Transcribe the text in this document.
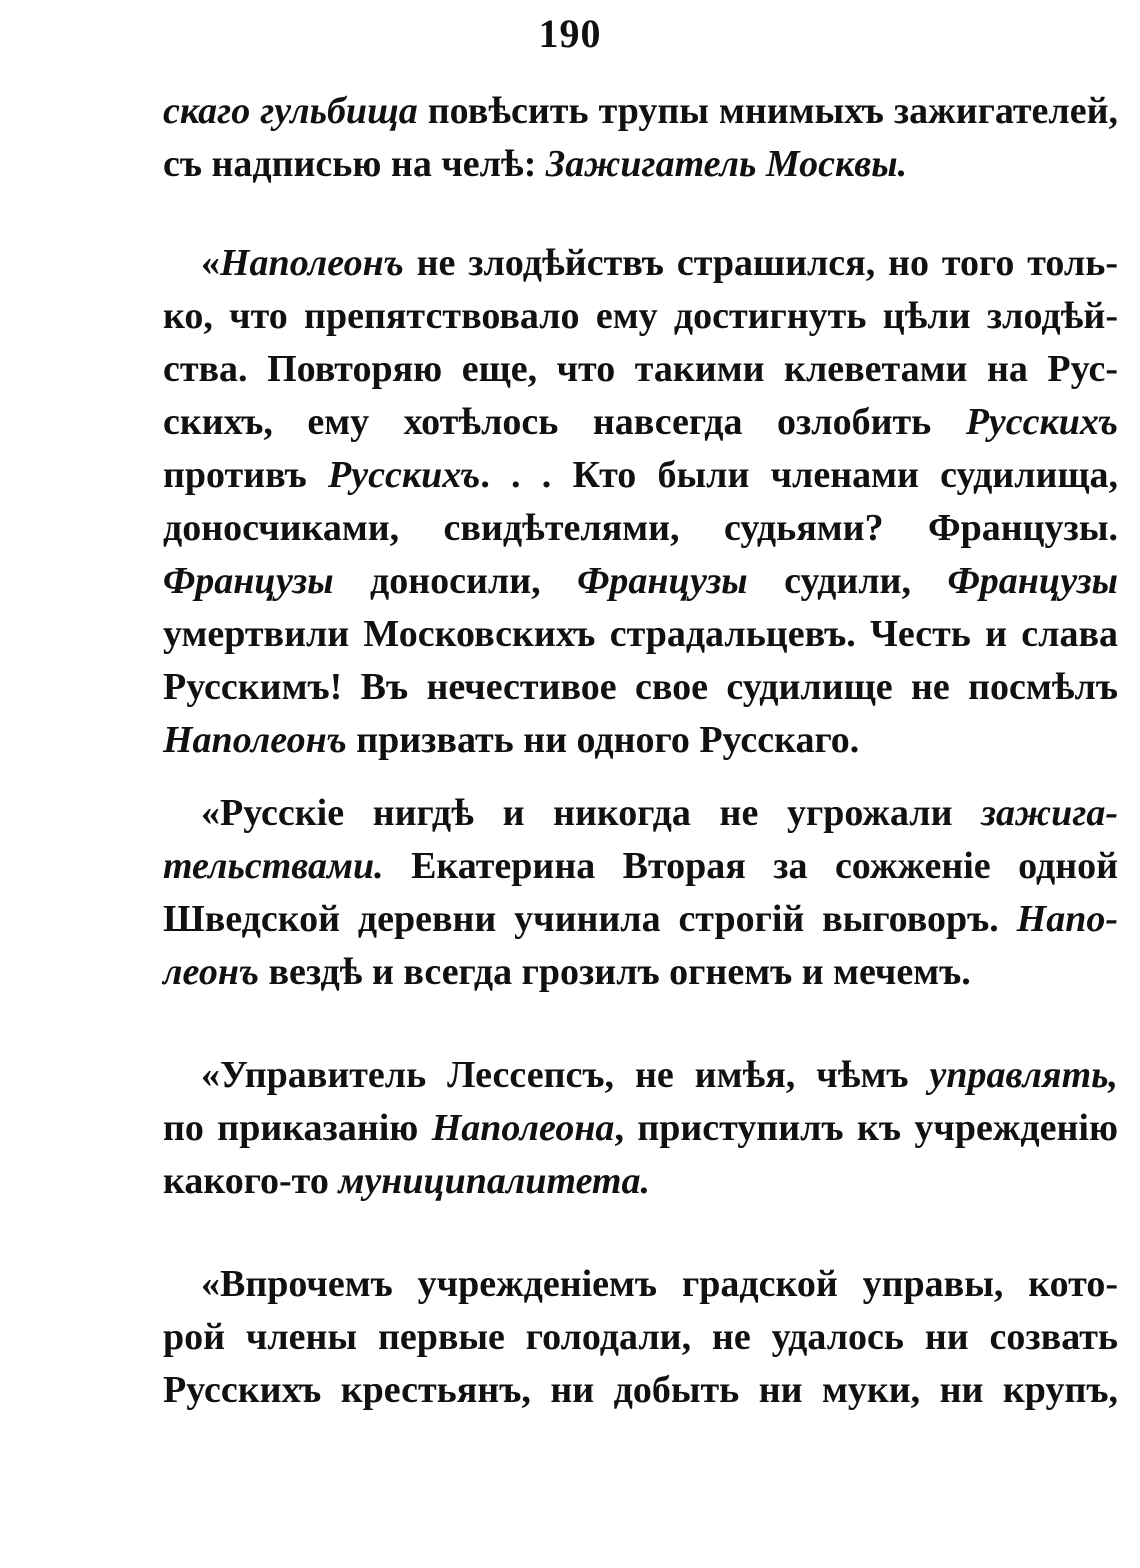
190
скаго гульбища повѣсить трупы мнимыхъ зажигателей,
съ надписью на челѣ: Зажигатель Москвы.
«Наполеонъ не злодѣйствъ страшился, но того толь-
ко, что препятствовало ему достигнуть цѣли злодѣй-
ства. Повторяю еще, что такими клеветами на Рус-
скихъ, ему хотѣлось навсегда озлобить Русскихъ
противъ Русскихъ. . . Кто были членами судилища,
доносчиками, свидѣтелями, судьями? Французы.
Французы доносили, Французы судили, Французы
умертвили Московскихъ страдальцевъ. Честь и слава
Русскимъ! Въ нечестивое свое судилище не посмѣлъ
Наполеонъ призвать ни одного Русскаго.
«Русскіе нигдѣ и никогда не угрожали зажига-
тельствами. Екатерина Вторая за сожженіе одной
Шведской деревни учинила строгій выговоръ. Напо-
леонъ вездѣ и всегда грозилъ огнемъ и мечемъ.
«Управитель Лессепсъ, не имѣя, чѣмъ управлять,
по приказанію Наполеона, приступилъ къ учрежденію
какого-то муниципалитета.
«Впрочемъ учрежденіемъ градской управы, кото-
рой члены первые голодали, не удалось ни созвать
Русскихъ крестьянъ, ни добыть ни муки, ни крупъ,
